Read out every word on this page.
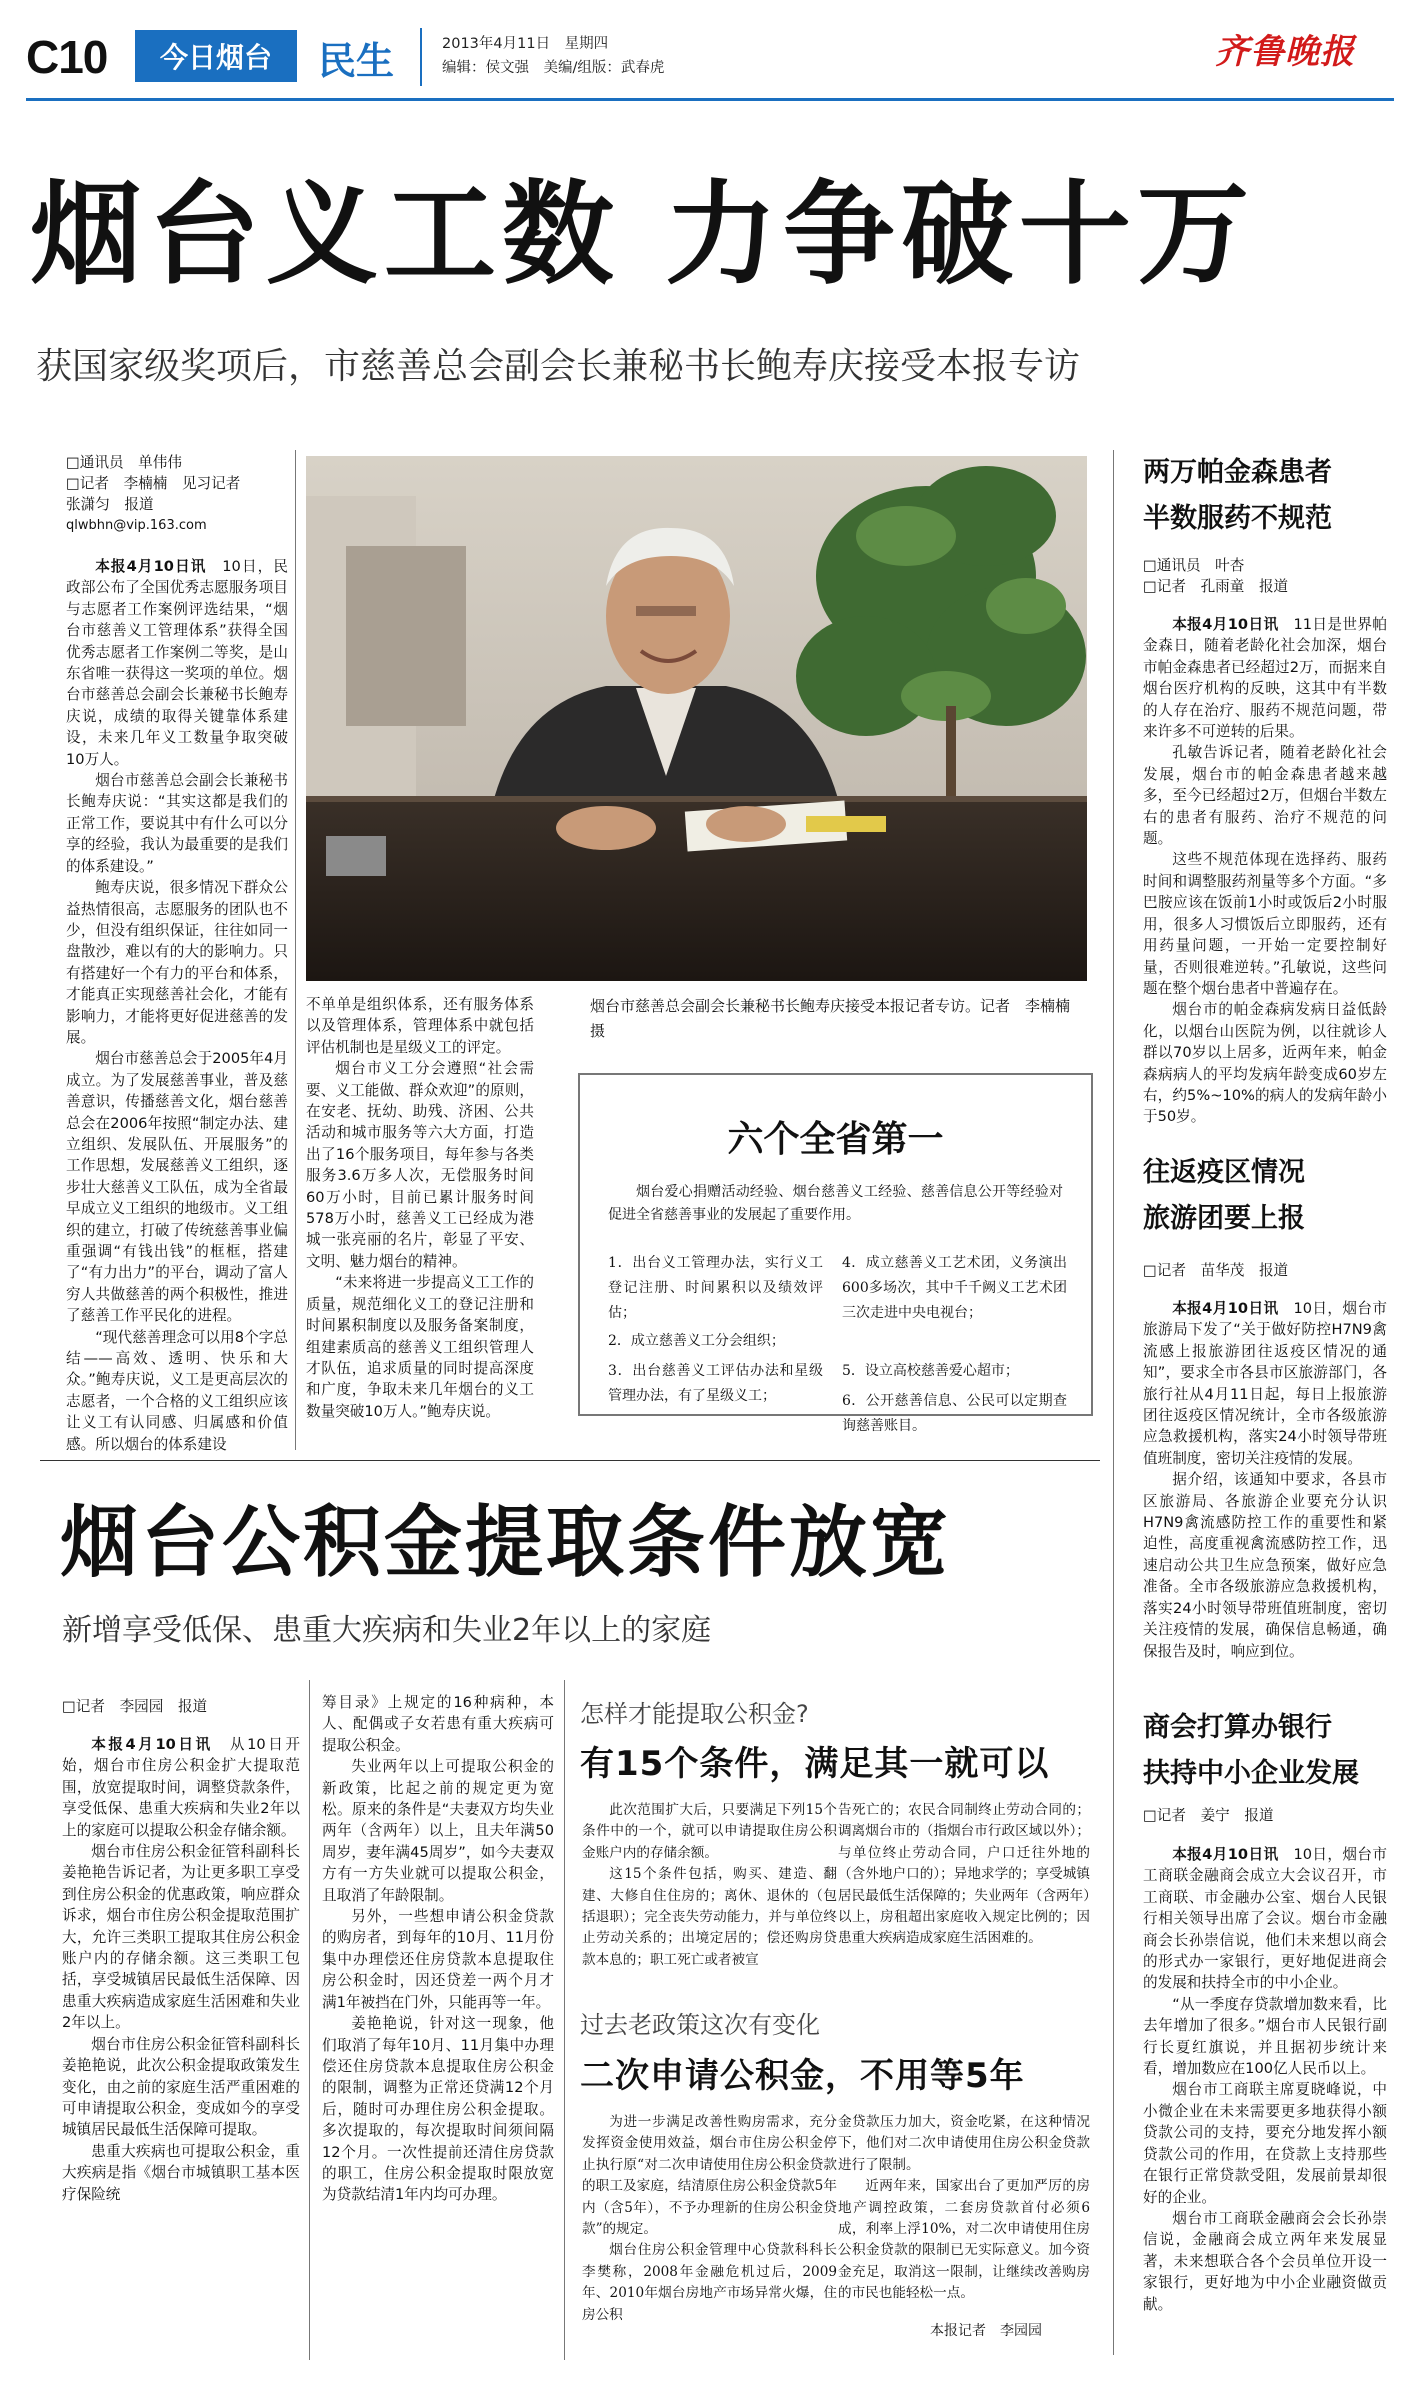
C10	今日烟台	民生	2013年4月11日　星期四
编辑：侯文强　美编/组版：武春虎	齐鲁晚报
烟台义工数 力争破十万
获国家级奖项后，市慈善总会副会长兼秘书长鲍寿庆接受本报专访
□通讯员　单伟伟
□记者　李楠楠　见习记者
张潇匀　报道
qlwbhn@vip.163.com

本报4月10日讯　10日，民政部公布了全国优秀志愿服务项目与志愿者工作案例评选结果，“烟台市慈善义工管理体系”获得全国优秀志愿者工作案例二等奖，是山东省唯一获得这一奖项的单位。烟台市慈善总会副会长兼秘书长鲍寿庆说，成绩的取得关键靠体系建设，未来几年义工数量争取突破10万人。

烟台市慈善总会副会长兼秘书长鲍寿庆说：“其实这都是我们的正常工作，要说其中有什么可以分享的经验，我认为最重要的是我们的体系建设。”

鲍寿庆说，很多情况下群众公益热情很高，志愿服务的团队也不少，但没有组织保证，往往如同一盘散沙，难以有的大的影响力。只有搭建好一个有力的平台和体系，才能真正实现慈善社会化，才能有影响力，才能将更好促进慈善的发展。

烟台市慈善总会于2005年4月成立。为了发展慈善事业，普及慈善意识，传播慈善文化，烟台慈善总会在2006年按照“制定办法、建立组织、发展队伍、开展服务”的工作思想，发展慈善义工组织，逐步壮大慈善义工队伍，成为全省最早成立义工组织的地级市。义工组织的建立，打破了传统慈善事业偏重强调“有钱出钱”的框框，搭建了“有力出力”的平台，调动了富人穷人共做慈善的两个积极性，推进了慈善工作平民化的进程。

“现代慈善理念可以用8个字总结——高效、透明、快乐和大众。”鲍寿庆说，义工是更高层次的志愿者，一个合格的义工组织应该让义工有认同感、归属感和价值感。所以烟台的体系建设

烟台市慈善总会副会长兼秘书长鲍寿庆接受本报记者专访。记者　李楠楠　摄

不单单是组织体系，还有服务体系以及管理体系，管理体系中就包括评估机制也是星级义工的评定。

烟台市义工分会遵照“社会需要、义工能做、群众欢迎”的原则，在安老、抚幼、助残、济困、公共活动和城市服务等六大方面，打造出了16个服务项目，每年参与各类服务3.6万多人次，无偿服务时间60万小时，目前已累计服务时间578万小时，慈善义工已经成为港城一张亮丽的名片，彰显了平安、文明、魅力烟台的精神。

“未来将进一步提高义工工作的质量，规范细化义工的登记注册和时间累积制度以及服务备案制度，组建素质高的慈善义工组织管理人才队伍，追求质量的同时提高深度和广度，争取未来几年烟台的义工数量突破10万人。”鲍寿庆说。

六个全省第一
烟台爱心捐赠活动经验、烟台慈善义工经验、慈善信息公开等经验对促进全省慈善事业的发展起了重要作用。
1．出台义工管理办法，实行义工登记注册、时间累积以及绩效评估；
2．成立慈善义工分会组织；
3．出台慈善义工评估办法和星级管理办法，有了星级义工；
4．成立慈善义工艺术团，义务演出600多场次，其中千千阙义工艺术团三次走进中央电视台；
5．设立高校慈善爱心超市；
6．公开慈善信息、公民可以定期查询慈善账目。
两万帕金森患者
半数服药不规范
□通讯员　叶杏
□记者　孔雨童　报道

本报4月10日讯　11日是世界帕金森日，随着老龄化社会加深，烟台市帕金森患者已经超过2万，而据来自烟台医疗机构的反映，这其中有半数的人存在治疗、服药不规范问题，带来许多不可逆转的后果。

孔敏告诉记者，随着老龄化社会发展，烟台市的帕金森患者越来越多，至今已经超过2万，但烟台半数左右的患者有服药、治疗不规范的问题。

这些不规范体现在选择药、服药时间和调整服药剂量等多个方面。“多巴胺应该在饭前1小时或饭后2小时服用，很多人习惯饭后立即服药，还有用药量问题，一开始一定要控制好量，否则很难逆转。”孔敏说，这些问题在整个烟台患者中普遍存在。

烟台市的帕金森病发病日益低龄化，以烟台山医院为例，以往就诊人群以70岁以上居多，近两年来，帕金森病病人的平均发病年龄变成60岁左右，约5%~10%的病人的发病年龄小于50岁。

往返疫区情况
旅游团要上报
□记者　苗华茂　报道

本报4月10日讯　10日，烟台市旅游局下发了“关于做好防控H7N9禽流感上报旅游团往返疫区情况的通知”，要求全市各县市区旅游部门，各旅行社从4月11日起，每日上报旅游团往返疫区情况统计，全市各级旅游应急救援机构，落实24小时领导带班值班制度，密切关注疫情的发展。

据介绍，该通知中要求，各县市区旅游局、各旅游企业要充分认识H7N9禽流感防控工作的重要性和紧迫性，高度重视禽流感防控工作，迅速启动公共卫生应急预案，做好应急准备。全市各级旅游应急救援机构，落实24小时领导带班值班制度，密切关注疫情的发展，确保信息畅通，确保报告及时，响应到位。

商会打算办银行
扶持中小企业发展
□记者　姜宁　报道

本报4月10日讯　10日，烟台市工商联金融商会成立大会议召开，市工商联、市金融办公室、烟台人民银行相关领导出席了会议。烟台市金融商会长孙崇信说，他们未来想以商会的形式办一家银行，更好地促进商会的发展和扶持全市的中小企业。

“从一季度存贷款增加数来看，比去年增加了很多。”烟台市人民银行副行长夏红旗说，并且据初步统计来看，增加数应在100亿人民币以上。

烟台市工商联主席夏晓峰说，中小微企业在未来需要更多地获得小额贷款公司的支持，要充分地发挥小额贷款公司的作用，在贷款上支持那些在银行正常贷款受阻，发展前景却很好的企业。

烟台市工商联金融商会会长孙崇信说，金融商会成立两年来发展显著，未来想联合各个会员单位开设一家银行，更好地为中小企业融资做贡献。

烟台公积金提取条件放宽
新增享受低保、患重大疾病和失业2年以上的家庭
□记者　李园园　报道

本报4月10日讯　从10日开始，烟台市住房公积金扩大提取范围，放宽提取时间，调整贷款条件，享受低保、患重大疾病和失业2年以上的家庭可以提取公积金存储余额。

烟台市住房公积金征管科副科长姜艳艳告诉记者，为让更多职工享受到住房公积金的优惠政策，响应群众诉求，烟台市住房公积金提取范围扩大，允许三类职工提取其住房公积金账户内的存储余额。这三类职工包括，享受城镇居民最低生活保障、因患重大疾病造成家庭生活困难和失业2年以上。

烟台市住房公积金征管科副科长姜艳艳说，此次公积金提取政策发生变化，由之前的家庭生活严重困难的可申请提取公积金，变成如今的享受城镇居民最低生活保障可提取。

患重大疾病也可提取公积金，重大疾病是指《烟台市城镇职工基本医疗保险统

筹目录》上规定的16种病种，本人、配偶或子女若患有重大疾病可提取公积金。

失业两年以上可提取公积金的新政策，比起之前的规定更为宽松。原来的条件是“夫妻双方均失业两年（含两年）以上，且夫年满50周岁，妻年满45周岁”，如今夫妻双方有一方失业就可以提取公积金，且取消了年龄限制。

另外，一些想申请公积金贷款的购房者，到每年的10月、11月份集中办理偿还住房贷款本息提取住房公积金时，因还贷差一两个月才满1年被挡在门外，只能再等一年。

姜艳艳说，针对这一现象，他们取消了每年10月、11月集中办理偿还住房贷款本息提取住房公积金的限制，调整为正常还贷满12个月后，随时可办理住房公积金提取。多次提取的，每次提取时间须间隔12个月。一次性提前还清住房贷款的职工，住房公积金提取时限放宽为贷款结清1年内均可办理。

怎样才能提取公积金?
有15个条件，满足其一就可以

此次范围扩大后，只要满足下列15个条件中的一个，就可以申请提取住房公积金账户内的存储余额。

这15个条件包括，购买、建造、翻建、大修自住住房的；离休、退休的（包括退职）；完全丧失劳动能力，并与单位终止劳动关系的；出境定居的；偿还购房贷款本息的；职工死亡或者被宣

告死亡的；农民合同制终止劳动合同的；调离烟台市的（指烟台市行政区域以外）；与单位终止劳动合同，户口迁往外地的（含外地户口的）；异地求学的；享受城镇居民最低生活保障的；失业两年（含两年）以上，房租超出家庭收入规定比例的；因患重大疾病造成家庭生活困难的。

过去老政策这次有变化
二次申请公积金，不用等5年

为进一步满足改善性购房需求，充分发挥资金使用效益，烟台市住房公积金停止执行原“对二次申请使用住房公积金贷款的职工及家庭，结清原住房公积金贷款5年内（含5年），不予办理新的住房公积金贷款”的规定。

烟台住房公积金管理中心贷款科科长李樊称，2008年金融危机过后，2009年、2010年烟台房地产市场异常火爆，住房公积

金贷款压力加大，资金吃紧，在这种情况下，他们对二次申请使用住房公积金贷款进行了限制。

近两年来，国家出台了更加严厉的房地产调控政策，二套房贷款首付必须6成，利率上浮10%，对二次申请使用住房公积金贷款的限制已无实际意义。加今资金充足，取消这一限制，让继续改善购房的市民也能轻松一点。

本报记者　李园园
